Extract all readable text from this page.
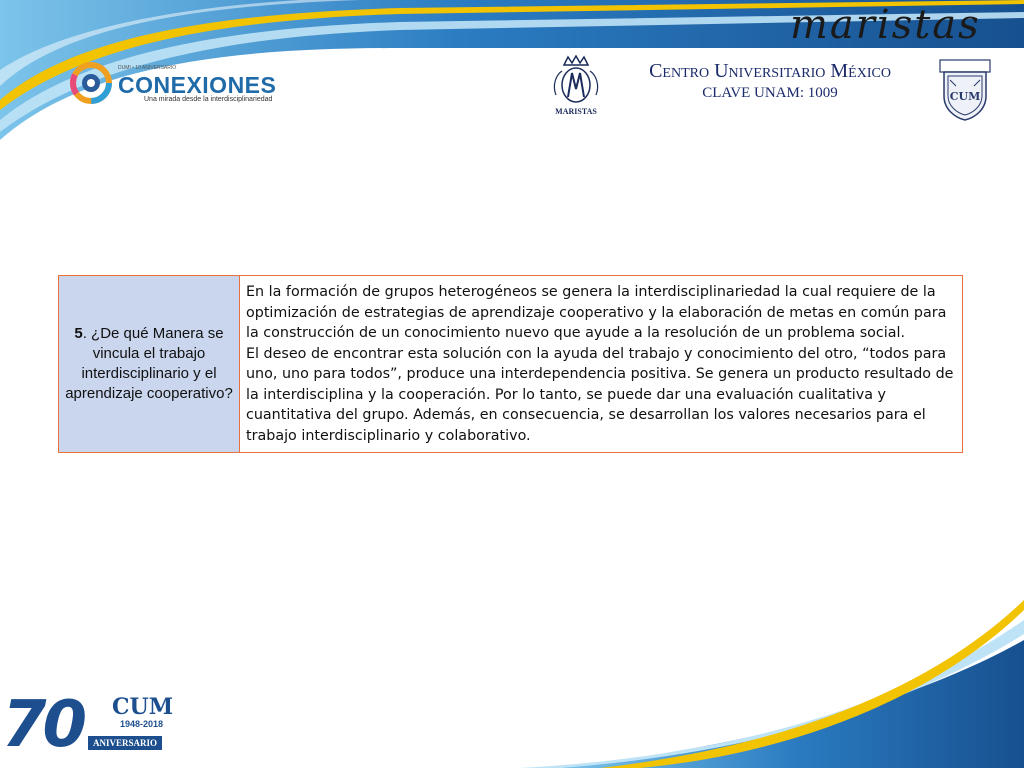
maristas
DUMI • 10 ANIVERSARIO
CONEXIONES
Una mirada desde la interdisciplinariedad
MARISTAS
Centro Universitario México
CLAVE UNAM: 1009	CUM
5. ¿De qué Manera se vincula el trabajo interdisciplinario y el aprendizaje cooperativo?	

En la formación de grupos heterogéneos se genera la interdisciplinariedad la cual requiere de la optimización de estrategias de aprendizaje cooperativo y la elaboración de metas en común para la construcción de un conocimiento nuevo que ayude a la resolución de un problema social.

El deseo de encontrar esta solución con la ayuda del trabajo y conocimiento del otro, “todos para uno, uno para todos”, produce una interdependencia positiva. Se genera un producto resultado de la interdisciplina y la cooperación. Por lo tanto, se puede dar una evaluación cualitativa y cuantitativa del grupo. Además, en consecuencia, se desarrollan los valores necesarios para el trabajo interdisciplinario y colaborativo.

70 CUM
1948-2018
ANIVERSARIO
